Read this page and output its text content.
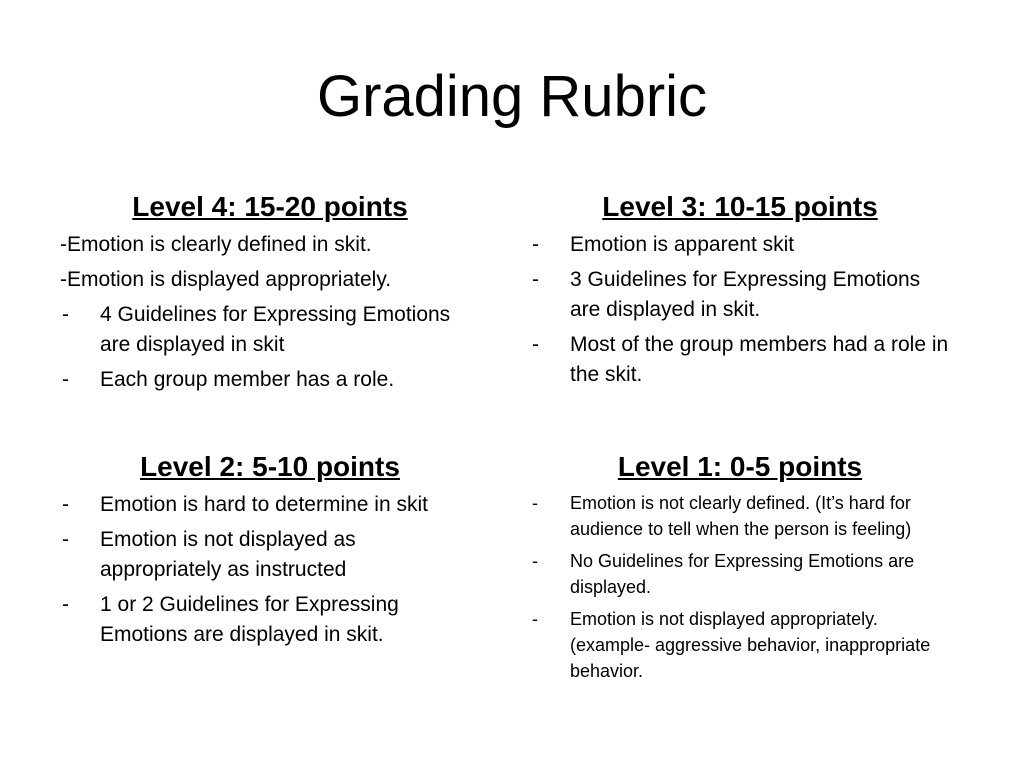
Grading Rubric
Level 4: 15-20 points
-Emotion is clearly defined in skit.
-Emotion is displayed appropriately.
- 4 Guidelines for Expressing Emotions are displayed in skit
- Each group member has a role.
Level 3: 10-15 points
- Emotion is apparent skit
- 3 Guidelines for Expressing Emotions are displayed in skit.
- Most of the group members had a role in the skit.
Level 2: 5-10 points
- Emotion is hard to determine in skit
- Emotion is not displayed as appropriately as instructed
- 1 or 2 Guidelines for Expressing Emotions are displayed in skit.
Level 1: 0-5 points
- Emotion is not clearly defined. (It’s hard for audience to tell when the person is feeling)
- No Guidelines for Expressing Emotions are displayed.
- Emotion is not displayed appropriately. (example- aggressive behavior, inappropriate behavior.
